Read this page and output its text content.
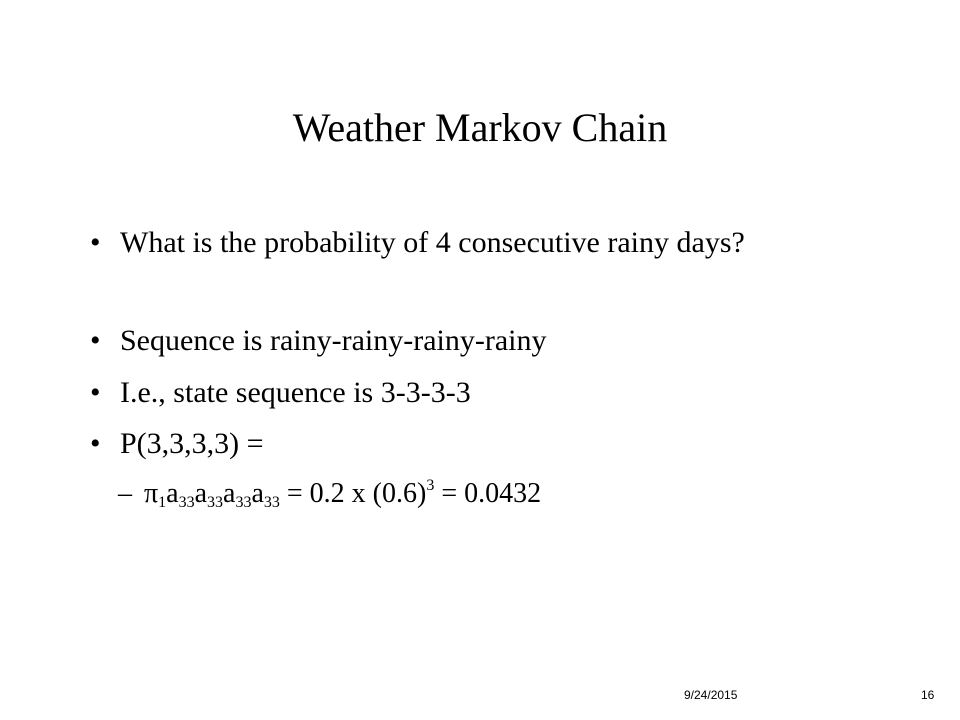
Weather Markov Chain
• What is the probability of 4 consecutive rainy days?
• Sequence is rainy-rainy-rainy-rainy
• I.e., state sequence is 3-3-3-3
• P(3,3,3,3) =
– $\pi_1a_{33}a_{33}a_{33}a_{33} = 0.2$ x $(0.6)^3 = 0.0432$
9/24/2015	16
